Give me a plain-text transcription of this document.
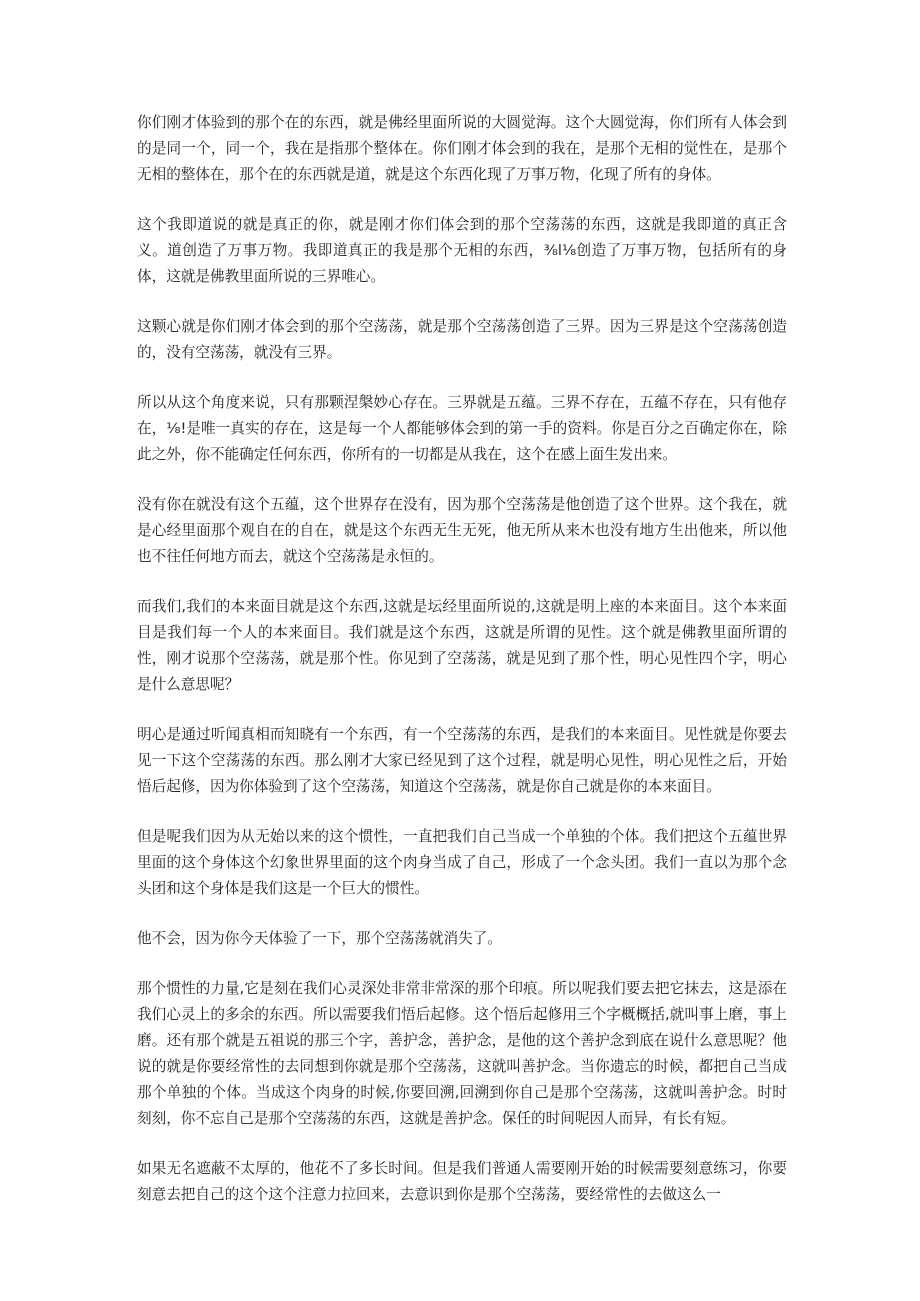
你们刚才体验到的那个在的东西，就是佛经里面所说的大圆觉海。这个大圆觉海，你们所有人体会到的是同一个，同一个，我在是指那个整体在。你们刚才体会到的我在，是那个无相的觉性在，是那个无相的整体在，那个在的东西就是道，就是这个东西化现了万事万物，化现了所有的身体。

这个我即道说的就是真正的你，就是刚才你们体会到的那个空荡荡的东西，这就是我即道的真正含义。道创造了万事万物。我即道真正的我是那个无相的东西，⅜l⅛创造了万事万物，包括所有的身体，这就是佛教里面所说的三界唯心。

这颗心就是你们刚才体会到的那个空荡荡，就是那个空荡荡创造了三界。因为三界是这个空荡荡创造的，没有空荡荡，就没有三界。

所以从这个角度来说，只有那颗涅槃妙心存在。三界就是五蕴。三界不存在，五蕴不存在，只有他存在，⅛!是唯一真实的存在，这是每一个人都能够体会到的第一手的资料。你是百分之百确定你在，除此之外，你不能确定任何东西，你所有的一切都是从我在，这个在感上面生发出来。

没有你在就没有这个五蕴，这个世界存在没有，因为那个空荡荡是他创造了这个世界。这个我在，就是心经里面那个观自在的自在，就是这个东西无生无死，他无所从来木也没有地方生出他来，所以他也不往任何地方而去，就这个空荡荡是永恒的。

而我们,我们的本来面目就是这个东西,这就是坛经里面所说的,这就是明上座的本来面目。这个本来面目是我们每一个人的本来面目。我们就是这个东西，这就是所谓的见性。这个就是佛教里面所谓的性，刚才说那个空荡荡，就是那个性。你见到了空荡荡，就是见到了那个性，明心见性四个字，明心是什么意思呢？

明心是通过听闻真相而知晓有一个东西，有一个空荡荡的东西，是我们的本来面目。见性就是你要去见一下这个空荡荡的东西。那么刚才大家已经见到了这个过程，就是明心见性，明心见性之后，开始悟后起修，因为你体验到了这个空荡荡，知道这个空荡荡，就是你自己就是你的本来面目。

但是呢我们因为从无始以来的这个惯性，一直把我们自己当成一个单独的个体。我们把这个五蕴世界里面的这个身体这个幻象世界里面的这个肉身当成了自己，形成了一个念头团。我们一直以为那个念头团和这个身体是我们这是一个巨大的惯性。

他不会，因为你今天体验了一下，那个空荡荡就消失了。

那个惯性的力量,它是刻在我们心灵深处非常非常深的那个印痕。所以呢我们要去把它抹去，这是添在我们心灵上的多余的东西。所以需要我们悟后起修。这个悟后起修用三个字概概括,就叫事上磨，事上磨。还有那个就是五祖说的那三个字，善护念，善护念，是他的这个善护念到底在说什么意思呢？他说的就是你要经常性的去同想到你就是那个空荡荡，这就叫善护念。当你遗忘的时候，都把自己当成那个单独的个体。当成这个肉身的时候,你要回溯,回溯到你自己是那个空荡荡，这就叫善护念。时时刻刻，你不忘自己是那个空荡荡的东西，这就是善护念。保任的时间呢因人而异，有长有短。

如果无名遮蔽不太厚的，他花不了多长时间。但是我们普通人需要刚开始的时候需要刻意练习，你要刻意去把自己的这个这个注意力拉回来，去意识到你是那个空荡荡，要经常性的去做这么一
